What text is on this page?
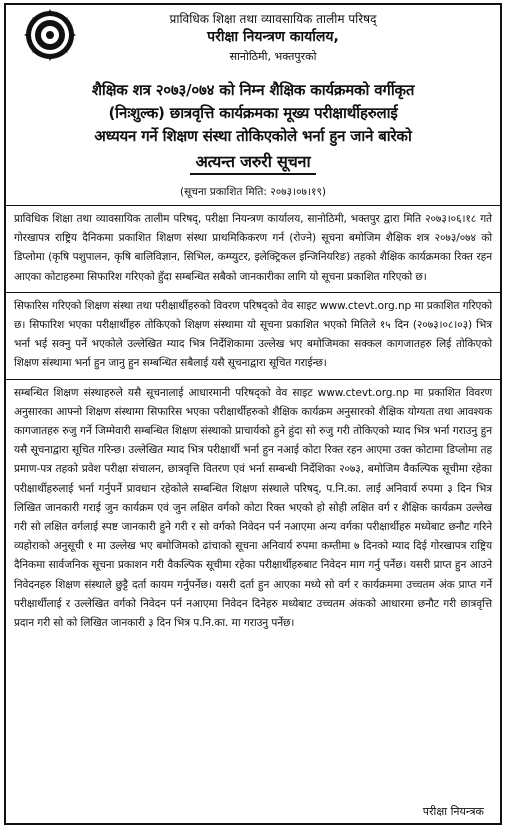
प्राविधिक शिक्षा तथा व्यावसायिक तालीम परिषद्
परीक्षा नियन्त्रण कार्यालय,
सानोठिमी, भक्तपुरको
शैक्षिक शत्र २०७३/०७४ को निम्न शैक्षिक कार्यक्रमको वर्गीकृत
(निःशुल्क) छात्रवृत्ति कार्यक्रमका मूख्य परीक्षार्थीहरुलाई
अध्ययन गर्ने शिक्षण संस्था तोकिएकोले भर्ना हुन जाने बारेको
अत्यन्त जरुरी सूचना
(सूचना प्रकाशित मिति: २०७३।०७।१९)

प्राविधिक शिक्षा तथा व्यावसायिक तालीम परिषद्, परीक्षा नियन्त्रण कार्यालय, सानोठिमी, भक्तपुर द्वारा मिति २०७३।०६।१८ गते गोरखापत्र राष्ट्रिय दैनिकमा प्रकाशित शिक्षण संस्था प्राथमिकिकरण गर्न (रोज्ने) सूचना बमोजिम शैक्षिक शत्र २०७३/०७४ को डिप्लोमा (कृषि पशुपालन, कृषि बालिविज्ञान, सिभिल, कम्प्युटर, इलेक्ट्रिकल इन्जिनियरिङ) तहको शैक्षिक कार्यक्रमका रिक्त रहन आएका कोटाहरुमा सिफारिश गरिएको हुँदा सम्बन्धित सबैको जानकारीका लागि यो सूचना प्रकाशित गरिएको छ।

सिफारिस गरिएको शिक्षण संस्था तथा परीक्षार्थीहरुको विवरण परिषद्को वेव साइट www.ctevt.org.np मा प्रकाशित गरिएको छ। सिफारिश भएका परीक्षार्थीहरु तोकिएको शिक्षण संस्थामा यो सूचना प्रकाशित भएको मितिले १५ दिन (२०७३।०८।०३) भित्र भर्ना भई सक्नु पर्ने भएकोले उल्लेखित म्याद भित्र निर्देशिकामा उल्लेख भए बमोजिमका सक्कल कागजातहरु लिई तोकिएको शिक्षण संस्थामा भर्ना हुन जानु हुन सम्बन्धित सबैलाई यसै सूचनाद्वारा सूचित गराईन्छ।

सम्बन्धित शिक्षण संस्थाहरुले यसै सूचनालाई आधारमानी परिषद्को वेव साइट www.ctevt.org.np मा प्रकाशित विवरण अनुसारका आफ्नो शिक्षण संस्थामा सिफारिस भएका परीक्षार्थीहरुको शैक्षिक कार्यक्रम अनुसारको शैक्षिक योग्यता तथा आवश्यक कागजातहरु रुजु गर्ने जिम्मेवारी सम्बन्धित शिक्षण संस्थाको प्राचार्यको हुने हुंदा सो रुजु गरी तोकिएको म्याद भित्र भर्ना गराउनु हुन यसै सूचनाद्वारा सूचित गरिन्छ। उल्लेखित म्याद भित्र परीक्षार्थी भर्ना हुन नआई कोटा रिक्त रहन आएमा उक्त कोटामा डिप्लोमा तह प्रमाण-पत्र तहको प्रवेश परीक्षा संचालन, छात्रवृत्ति वितरण एवं भर्ना सम्बन्धी निर्देशिका २०७३, बमोजिम वैकल्पिक सूचीमा रहेका परीक्षार्थीहरुलाई भर्ना गर्नुपर्ने प्रावधान रहेकोले सम्बन्धित शिक्षण संस्थाले परिषद्, प.नि.का. लाई अनिवार्य रुपमा ३ दिन भित्र लिखित जानकारी गराई जुन कार्यक्रम एवं जुन लक्षित वर्गको कोटा रिक्त भएको हो सोही लक्षित वर्ग र शैक्षिक कार्यक्रम उल्लेख गरी सो लक्षित वर्गलाई स्पष्ट जानकारी हुने गरी र सो वर्गको निवेदन पर्न नआएमा अन्य वर्गका परीक्षार्थीहरु मध्येबाट छनौट गरिने व्यहोराको अनुसूची १ मा उल्लेख भए बमोजिमको ढांचाको सूचना अनिवार्य रुपमा कम्तीमा ७ दिनको म्याद दिई गोरखापत्र राष्ट्रिय दैनिकमा सार्वजनिक सूचना प्रकाशन गरी वैकल्पिक सूचीमा रहेका परीक्षार्थीहरुबाट निवेदन माग गर्नु पर्नेछ। यसरी प्राप्त हुन आउने निवेदनहरु शिक्षण संस्थाले छुट्टै दर्ता कायम गर्नुपर्नेछ। यसरी दर्ता हुन आएका मध्ये सो वर्ग र कार्यक्रममा उच्चतम अंक प्राप्त गर्ने परीक्षार्थीलाई र उल्लेखित वर्गको निवेदन पर्न नआएमा निवेदन दिनेहरु मध्येबाट उच्चतम अंकको आधारमा छनौट गरी छात्रवृत्ति प्रदान गरी सो को लिखित जानकारी ३ दिन भित्र प.नि.का. मा गराउनु पर्नेछ।

परीक्षा नियन्त्रक
